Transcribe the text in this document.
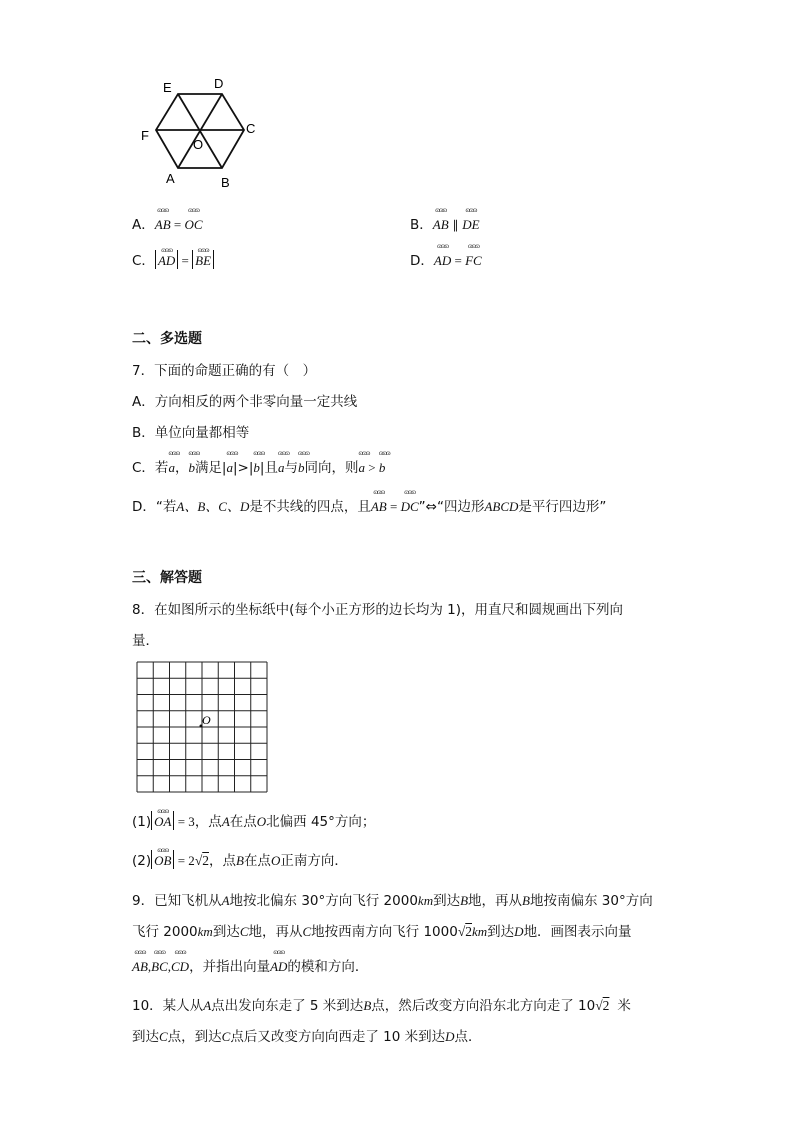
E	D
C
F
O
A	B
A．ɷɷɷ AB = ɷɷɷ OC	B．ɷɷɷ AB ∥ ɷɷɷ DE
C． ɷɷɷ AD = ɷɷɷ BE	D．ɷɷɷ AD = ɷɷɷ FC
二、多选题
7．下面的命题正确的有（　）
A．方向相反的两个非零向量一定共线
B．单位向量都相等
C．若ɷɷɷ a，ɷɷɷ b满足|ɷɷɷ a|>|ɷɷɷ b|且ɷɷɷ a与ɷɷɷ b同向，则ɷɷɷ a > ɷɷɷ b
D．“若A、B、C、D是不共线的四点，且ɷɷɷ AB = ɷɷɷ DC”⇔“四边形ABCD是平行四边形”
三、解答题
8．在如图所示的坐标纸中(每个小正方形的边长均为 1)，用直尺和圆规画出下列向
量．
O
(1) ɷɷɷ OA = 3，点A在点O北偏西 45°方向；
(2) ɷɷɷ OB = 2√2，点B在点O正南方向．
9．已知飞机从A地按北偏东 30°方向飞行 2000km到达B地，再从B地按南偏东 30°方向
飞行 2000km到达C地，再从C地按西南方向飞行 1000√2km到达D地．画图表示向量
ɷɷɷ AB,ɷɷɷ BC,ɷɷɷ CD，并指出向量ɷɷɷ AD的模和方向．
10．某人从A点出发向东走了 5 米到达B点，然后改变方向沿东北方向走了 10√2 米
到达C点，到达C点后又改变方向向西走了 10 米到达D点．
